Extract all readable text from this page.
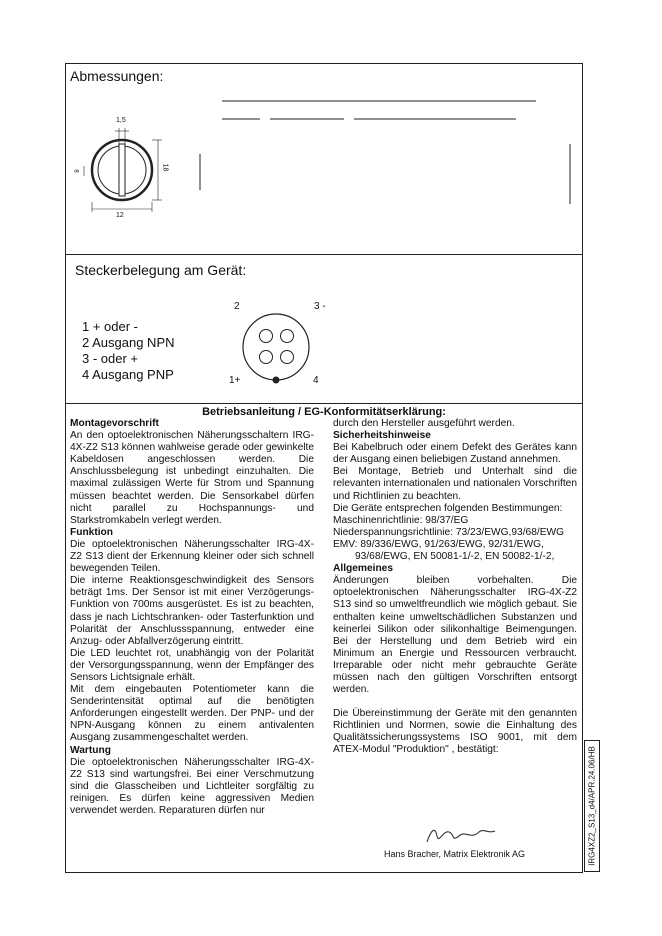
Abmessungen:
1,5
18
12
8
Steckerbelegung am Gerät:
1 + oder -
2 Ausgang NPN
3 - oder +
4 Ausgang PNP
2	3 -
1+	4
Betriebsanleitung / EG-Konformitätserklärung:
Montagevorschrift

An den optoelektronischen Näherungsschaltern IRG-4X-Z2 S13 können wahlweise gerade oder gewinkelte Kabeldosen angeschlossen werden. Die Anschlussbelegung ist unbedingt einzuhalten. Die maximal zulässigen Werte für Strom und Spannung müssen beachtet werden. Die Sensorkabel dürfen nicht parallel zu Hochspannungs- und Starkstromkabeln verlegt werden.

Funktion

Die optoelektronischen Näherungsschalter IRG-4X-Z2 S13 dient der Erkennung kleiner oder sich schnell bewegenden Teilen.

Die interne Reaktionsgeschwindigkeit des Sensors beträgt 1ms. Der Sensor ist mit einer Verzögerungs-Funktion von 700ms ausgerüstet. Es ist zu beachten, dass je nach Lichtschranken- oder Tasterfunktion und Polarität der Anschlussspannung, entweder eine Anzug- oder Abfallverzögerung eintritt.

Die LED leuchtet rot, unabhängig von der Polarität der Versorgungsspannung, wenn der Empfänger des Sensors Lichtsignale erhält.

Mit dem eingebauten Potentiometer kann die Senderintensität optimal auf die benötigten Anforderungen eingestellt werden. Der PNP- und der NPN-Ausgang können zu einem antivalenten Ausgang zusammengeschaltet werden.

Wartung

Die optoelektronischen Näherungsschalter IRG-4X-Z2 S13 sind wartungsfrei. Bei einer Verschmutzung sind die Glasscheiben und Lichtleiter sorgfältig zu reinigen. Es dürfen keine aggressiven Medien verwendet werden. Reparaturen dürfen nur

durch den Hersteller ausgeführt werden.

Sicherheitshinweise

Bei Kabelbruch oder einem Defekt des Gerätes kann der Ausgang einen beliebigen Zustand annehmen.

Bei Montage, Betrieb und Unterhalt sind die relevanten internationalen und nationalen Vorschriften und Richtlinien zu beachten.

Die Geräte entsprechen folgenden Bestimmungen:

Maschinenrichtlinie: 98/37/EG

Niederspannungsrichtlinie: 73/23/EWG,93/68/EWG

EMV: 89/336/EWG, 91/263/EWG, 92/31/EWG,

93/68/EWG, EN 50081-1/-2, EN 50082-1/-2,

Allgemeines

Änderungen bleiben vorbehalten. Die optoelektronischen Näherungsschalter IRG-4X-Z2 S13 sind so umweltfreundlich wie möglich gebaut. Sie enthalten keine umweltschädlichen Substanzen und keinerlei Silikon oder silikonhaltige Beimengungen. Bei der Herstellung und dem Betrieb wird ein Minimum an Energie und Ressourcen verbraucht. Irreparable oder nicht mehr gebrauchte Geräte müssen nach den gültigen Vorschriften entsorgt werden.

Die Übereinstimmung der Geräte mit den genannten Richtlinien und Normen, sowie die Einhaltung des Qualitätssicherungssystems ISO 9001, mit dem ATEX-Modul "Produktion" , bestätigt:

Hans Bracher, Matrix Elektronik AG	IRG4XZ2_S13_d4/APR.24.06/HB
